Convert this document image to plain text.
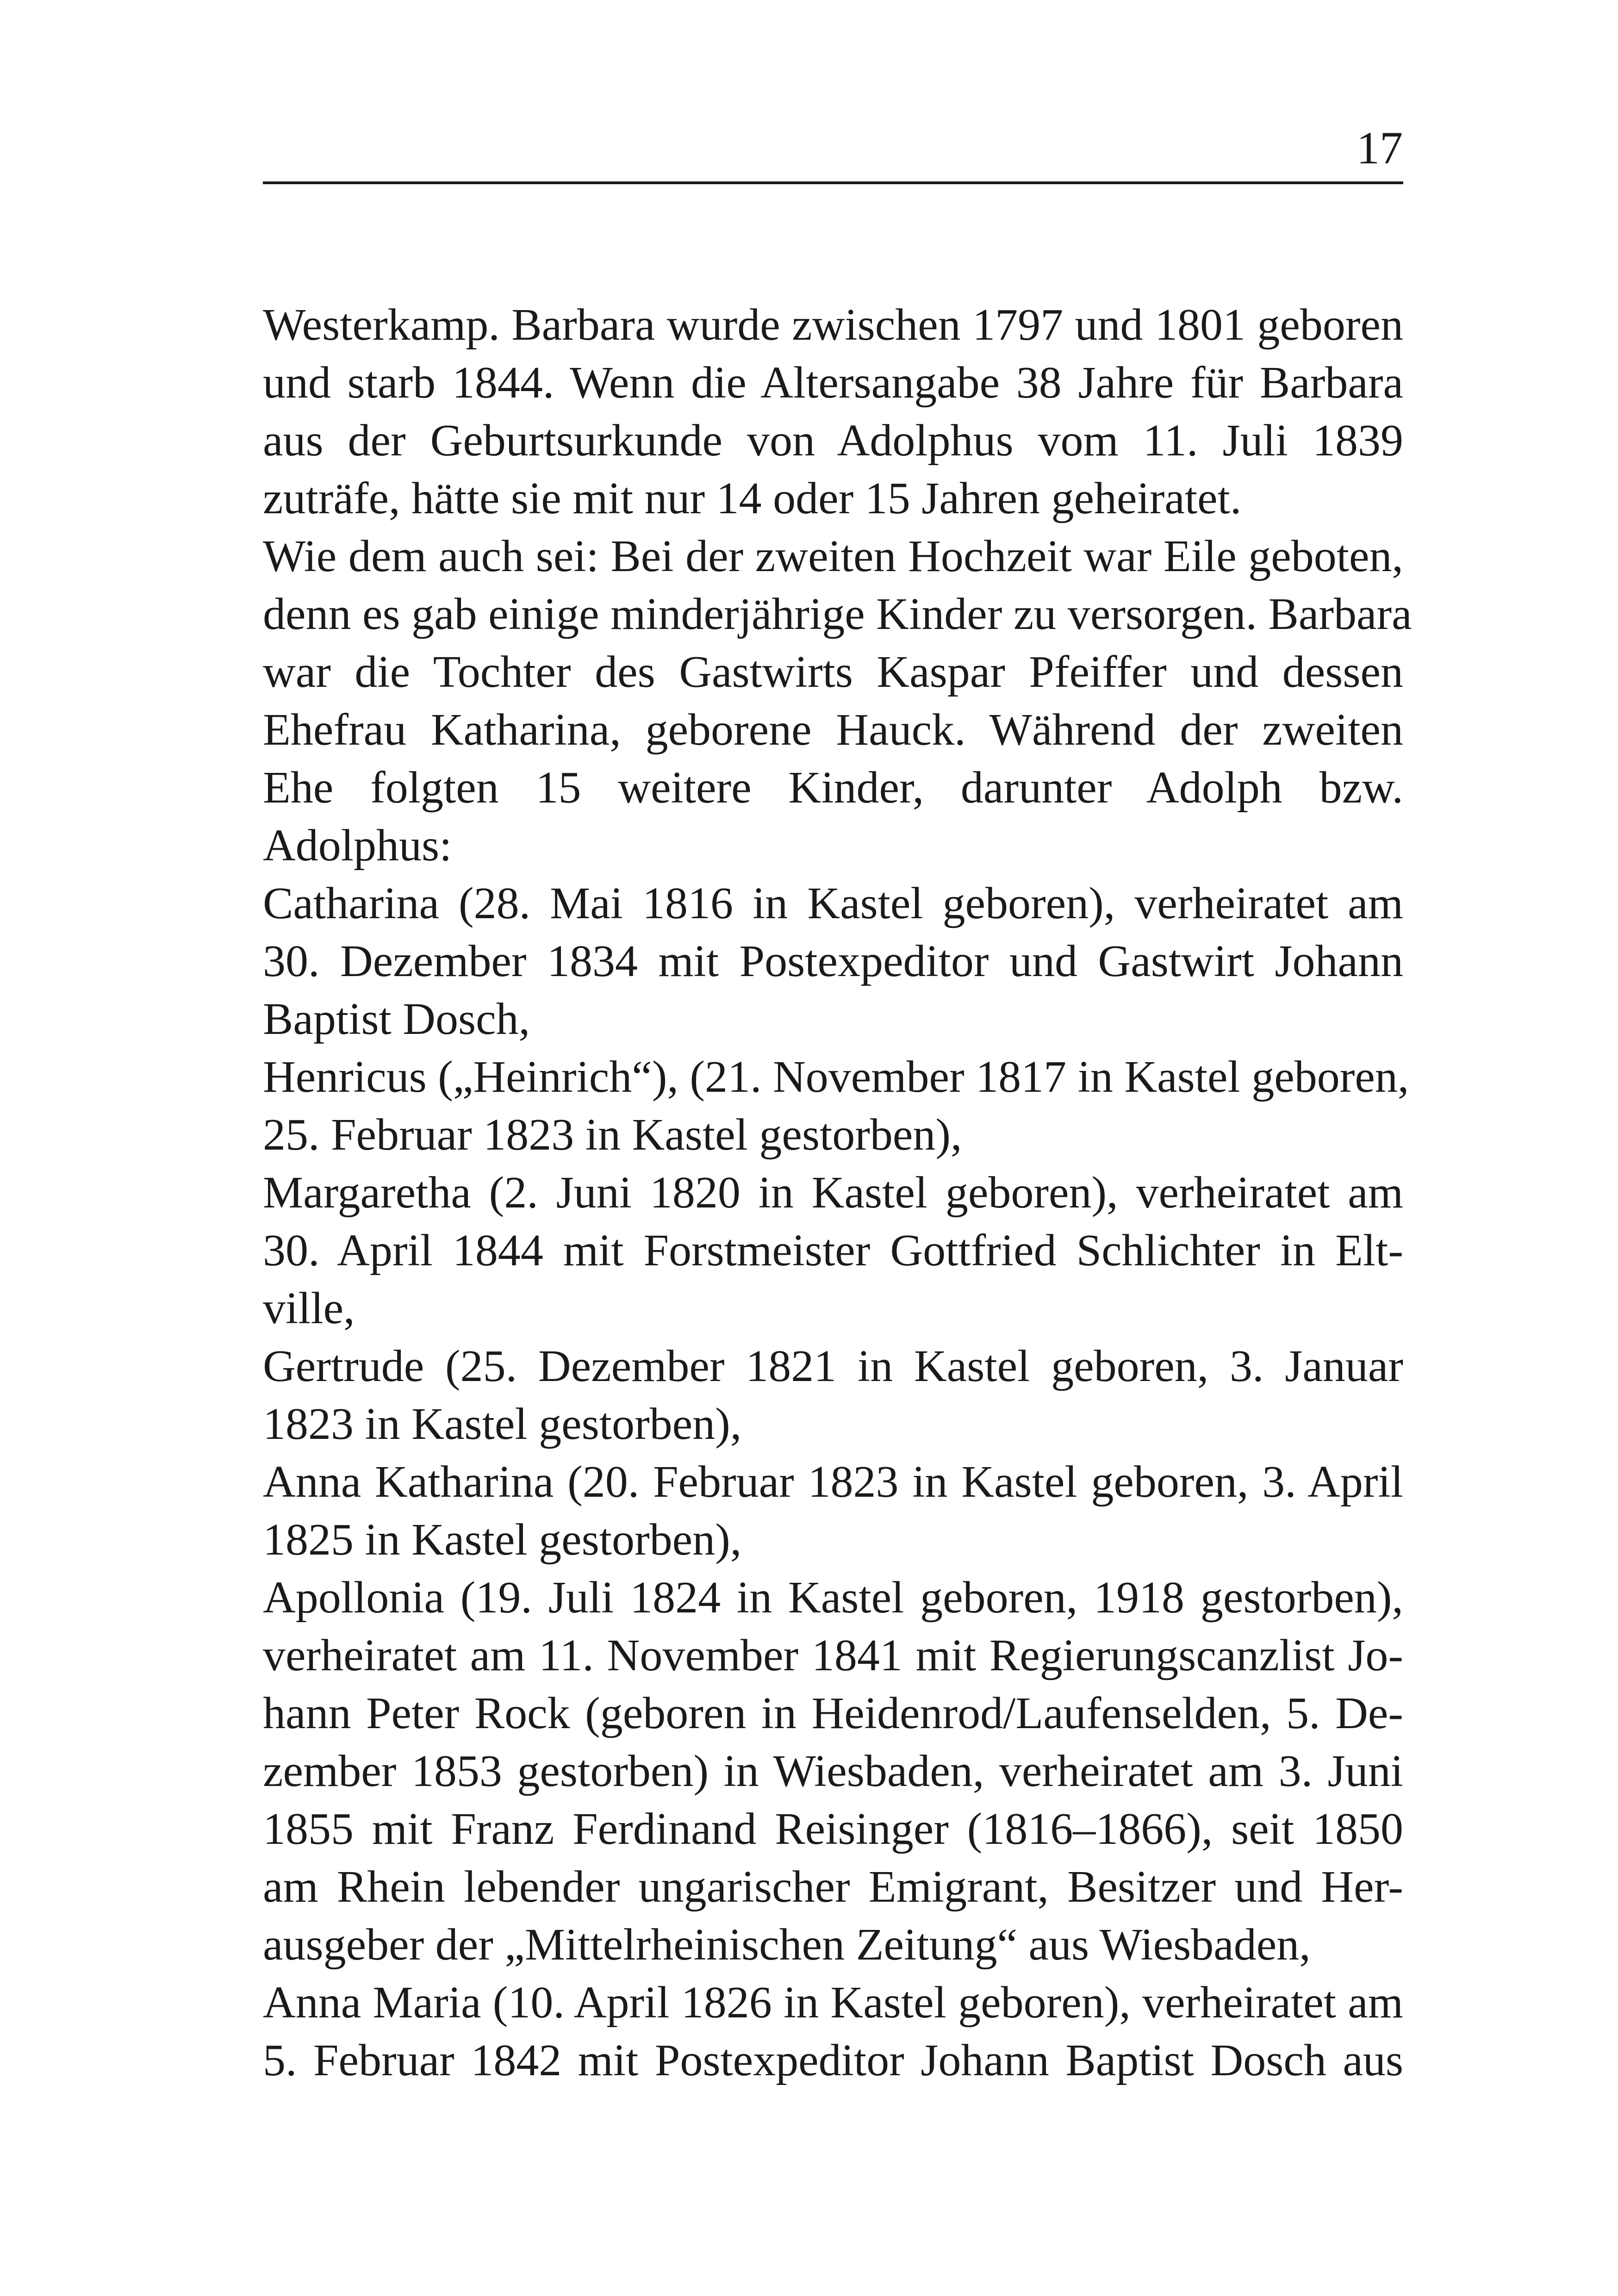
17
Westerkamp. Barbara wurde zwischen 1797 und 1801 geboren
und starb 1844. Wenn die Altersangabe 38 Jahre für Barbara
aus der Geburtsurkunde von Adolphus vom 11. Juli 1839
zuträfe, hätte sie mit nur 14 oder 15 Jahren geheiratet.
Wie dem auch sei: Bei der zweiten Hochzeit war Eile geboten,
denn es gab einige minderjährige Kinder zu versorgen. Barbara
war die Tochter des Gastwirts Kaspar Pfeiffer und dessen
Ehefrau Katharina, geborene Hauck. Während der zweiten
Ehe folgten 15 weitere Kinder, darunter Adolph bzw.
Adolphus:
Catharina (28. Mai 1816 in Kastel geboren), verheiratet am
30. Dezember 1834 mit Postexpeditor und Gastwirt Johann
Baptist Dosch,
Henricus („Heinrich“), (21. November 1817 in Kastel geboren,
25. Februar 1823 in Kastel gestorben),
Margaretha (2. Juni 1820 in Kastel geboren), verheiratet am
30. April 1844 mit Forstmeister Gottfried Schlichter in Elt-
ville,
Gertrude (25. Dezember 1821 in Kastel geboren, 3. Januar
1823 in Kastel gestorben),
Anna Katharina (20. Februar 1823 in Kastel geboren, 3. April
1825 in Kastel gestorben),
Apollonia (19. Juli 1824 in Kastel geboren, 1918 gestorben),
verheiratet am 11. November 1841 mit Regierungscanzlist Jo-
hann Peter Rock (geboren in Heidenrod/Laufenselden, 5. De-
zember 1853 gestorben) in Wiesbaden, verheiratet am 3. Juni
1855 mit Franz Ferdinand Reisinger (1816–1866), seit 1850
am Rhein lebender ungarischer Emigrant, Besitzer und Her-
ausgeber der „Mittelrheinischen Zeitung“ aus Wiesbaden,
Anna Maria (10. April 1826 in Kastel geboren), verheiratet am
5. Februar 1842 mit Postexpeditor Johann Baptist Dosch aus
